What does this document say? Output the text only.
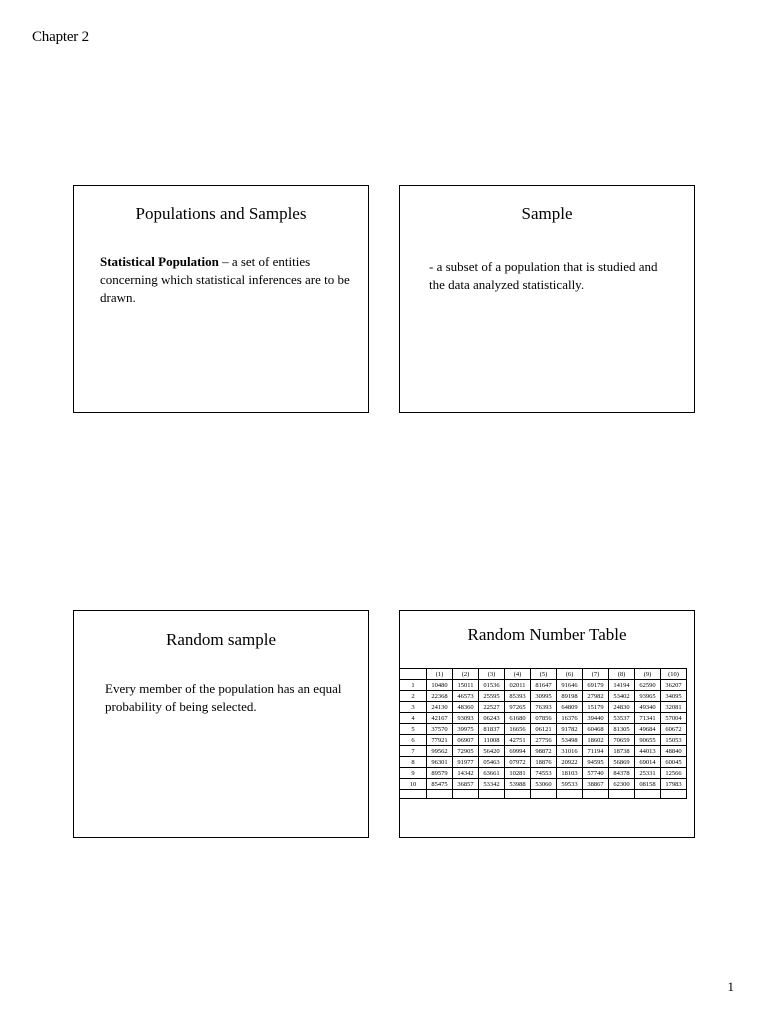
Chapter 2
Populations and Samples
Statistical Population – a set of entities concerning which statistical inferences are to be drawn.
Sample
- a subset of a population that is studied and the data analyzed statistically.
Random sample
Every member of the population has an equal probability of being selected.
Random Number Table
	(1)	(2)	(3)	(4)	(5)	(6)	(7)	(8)	(9)	(10)
1	10480	15011	01536	02011	81647	91646	69179	14194	62590	36207
2	22368	46573	25595	85393	30995	89198	27982	53402	93965	34095
3	24130	48360	22527	97265	76393	64809	15179	24830	49340	32081
4	42167	93093	06243	61680	07856	16376	39440	53537	71341	57004
5	37570	39975	81837	16656	06121	91782	60468	81305	49684	60672
6	77921	06907	11008	42751	27756	53498	18602	70659	90655	15053
7	99562	72905	56420	69994	98872	31016	71194	18738	44013	48840
8	96301	91977	05463	07972	18876	20922	94595	56869	69014	60045
9	89579	14342	63661	10281	74553	18103	57740	84378	25331	12566
10	85475	36857	53342	53988	53060	59533	38867	62300	08158	17983

1
